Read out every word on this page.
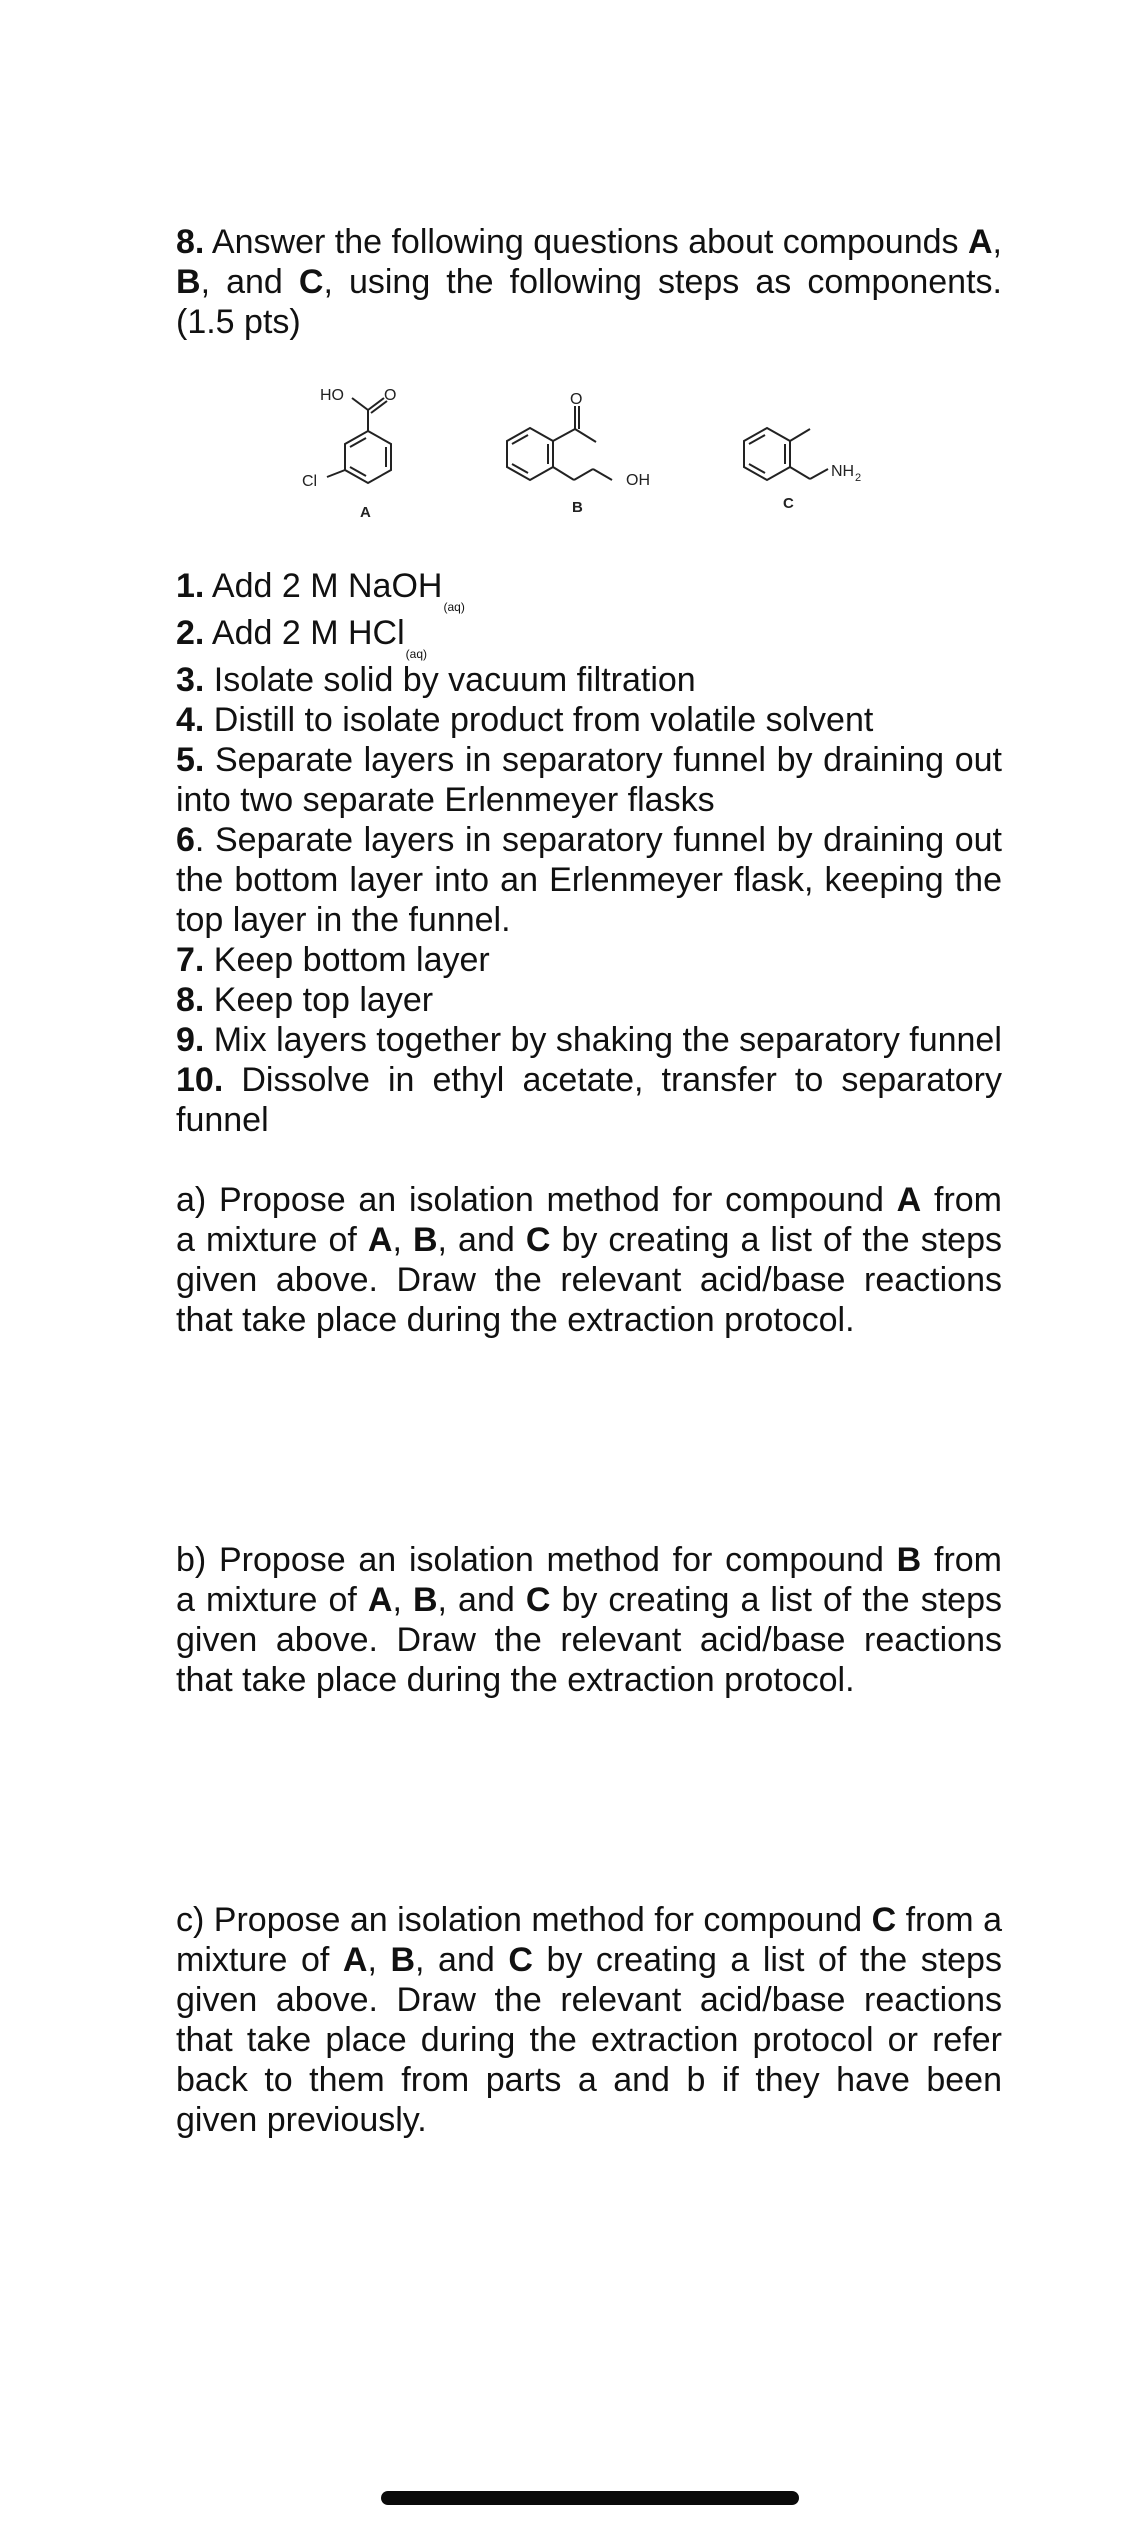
8. Answer the following questions about compounds A, B, and C, using the following steps as components. (1.5 pts)

HO	O
Cl
A
O
OH
B
NH 2
C

1. Add 2 M NaOH$_{(aq)}$

2. Add 2 M HCl$_{(aq)}$

3. Isolate solid by vacuum filtration

4. Distill to isolate product from volatile solvent

5. Separate layers in separatory funnel by draining out into two separate Erlenmeyer flasks

6. Separate layers in separatory funnel by draining out the bottom layer into an Erlenmeyer flask, keeping the top layer in the funnel.

7. Keep bottom layer

8. Keep top layer

9. Mix layers together by shaking the separatory funnel

10. Dissolve in ethyl acetate, transfer to separatory funnel

a) Propose an isolation method for compound A from a mixture of A, B, and C by creating a list of the steps given above. Draw the relevant acid/base reactions that take place during the extraction protocol.

b) Propose an isolation method for compound B from a mixture of A, B, and C by creating a list of the steps given above. Draw the relevant acid/base reactions that take place during the extraction protocol.

c) Propose an isolation method for compound C from a mixture of A, B, and C by creating a list of the steps given above. Draw the relevant acid/base reactions that take place during the extraction protocol or refer back to them from parts a and b if they have been given previously.
